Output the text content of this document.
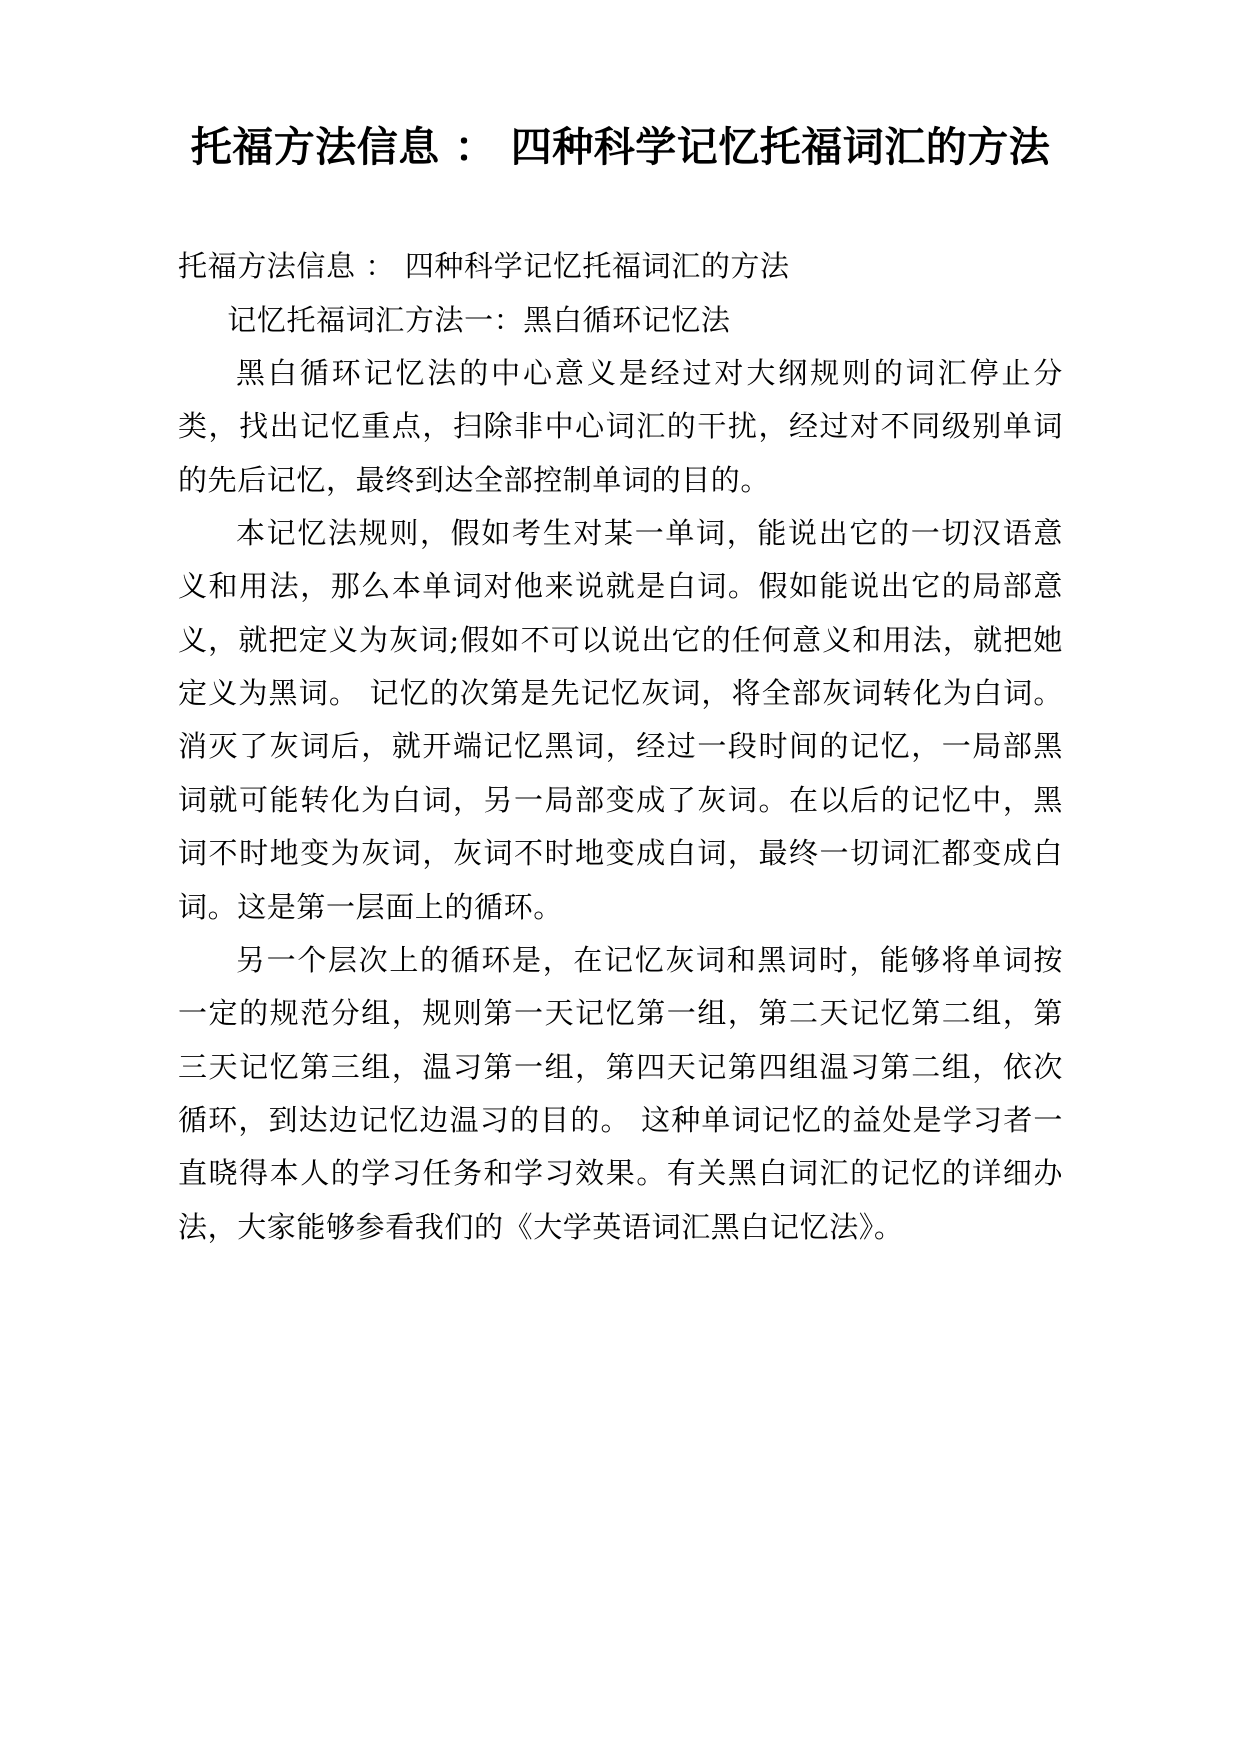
托福方法信息 ： 四种科学记忆托福词汇的方法

托福方法信息 ： 四种科学记忆托福词汇的方法

记忆托福词汇方法一：黑白循环记忆法

黑白循环记忆法的中心意义是经过对大纲规则的词汇停止分类，找出记忆重点，扫除非中心词汇的干扰，经过对不同级别单词的先后记忆，最终到达全部控制单词的目的。

本记忆法规则，假如考生对某一单词，能说出它的一切汉语意义和用法，那么本单词对他来说就是白词。假如能说出它的局部意义，就把定义为灰词;假如不可以说出它的任何意义和用法，就把她定义为黑词。 记忆的次第是先记忆灰词，将全部灰词转化为白词。消灭了灰词后，就开端记忆黑词，经过一段时间的记忆，一局部黑词就可能转化为白词，另一局部变成了灰词。在以后的记忆中，黑词不时地变为灰词，灰词不时地变成白词，最终一切词汇都变成白词。这是第一层面上的循环。

另一个层次上的循环是，在记忆灰词和黑词时，能够将单词按一定的规范分组，规则第一天记忆第一组，第二天记忆第二组，第三天记忆第三组，温习第一组，第四天记第四组温习第二组，依次循环，到达边记忆边温习的目的。 这种单词记忆的益处是学习者一直晓得本人的学习任务和学习效果。有关黑白词汇的记忆的详细办法，大家能够参看我们的《大学英语词汇黑白记忆法》。
